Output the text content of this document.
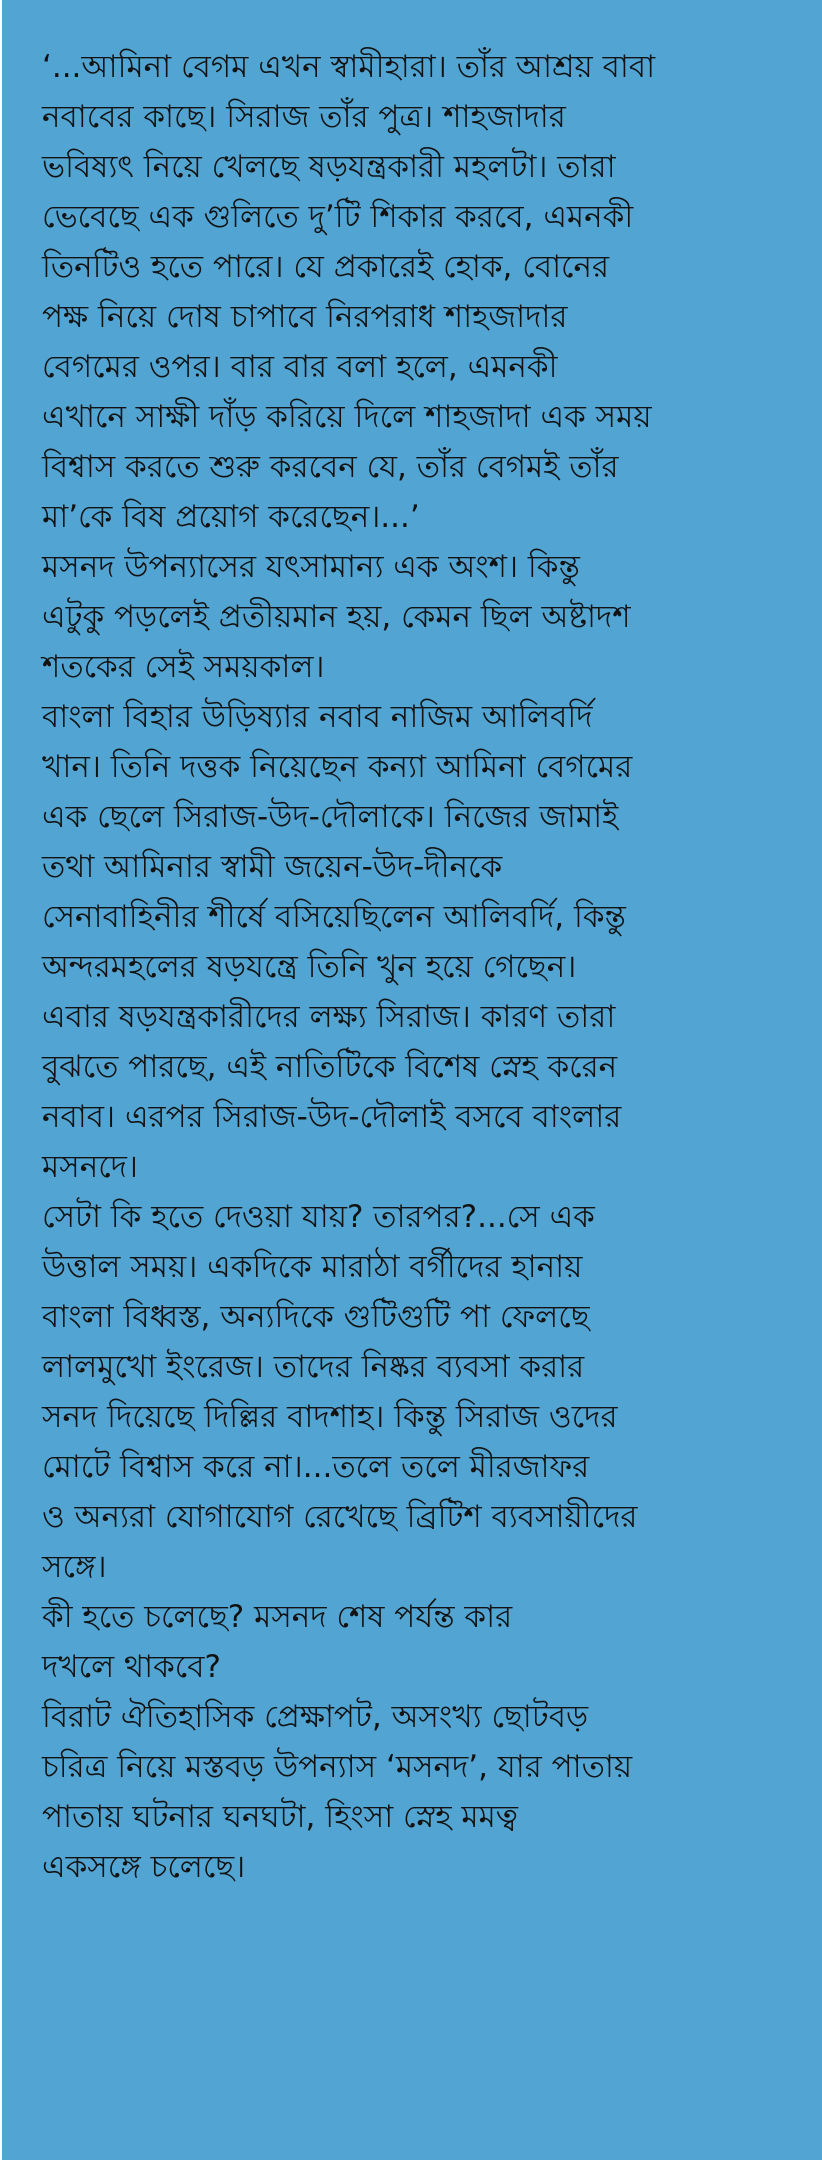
‘...আমিনা বেগম এখন স্বামীহারা। তাঁর আশ্রয় বাবা
নবাবের কাছে। সিরাজ তাঁর পুত্র। শাহজাদার
ভবিষ্যৎ নিয়ে খেলছে ষড়যন্ত্রকারী মহলটা। তারা
ভেবেছে এক গুলিতে দু’টি শিকার করবে, এমনকী
তিনটিও হতে পারে। যে প্রকারেই হোক, বোনের
পক্ষ নিয়ে দোষ চাপাবে নিরপরাধ শাহজাদার
বেগমের ওপর। বার বার বলা হলে, এমনকী
এখানে সাক্ষী দাঁড় করিয়ে দিলে শাহজাদা এক সময়
বিশ্বাস করতে শুরু করবেন যে, তাঁর বেগমই তাঁর
মা’কে বিষ প্রয়োগ করেছেন।...’
মসনদ উপন্যাসের যৎসামান্য এক অংশ। কিন্তু
এটুকু পড়লেই প্রতীয়মান হয়, কেমন ছিল অষ্টাদশ
শতকের সেই সময়কাল।
বাংলা বিহার উড়িষ্যার নবাব নাজিম আলিবর্দি
খান। তিনি দত্তক নিয়েছেন কন্যা আমিনা বেগমের
এক ছেলে সিরাজ-উদ-দৌলাকে। নিজের জামাই
তথা আমিনার স্বামী জয়েন-উদ-দীনকে
সেনাবাহিনীর শীর্ষে বসিয়েছিলেন আলিবর্দি, কিন্তু
অন্দরমহলের ষড়যন্ত্রে তিনি খুন হয়ে গেছেন।
এবার ষড়যন্ত্রকারীদের লক্ষ্য সিরাজ। কারণ তারা
বুঝতে পারছে, এই নাতিটিকে বিশেষ স্নেহ করেন
নবাব। এরপর সিরাজ-উদ-দৌলাই বসবে বাংলার
মসনদে।
সেটা কি হতে দেওয়া যায়? তারপর?...সে এক
উত্তাল সময়। একদিকে মারাঠা বর্গীদের হানায়
বাংলা বিধ্বস্ত, অন্যদিকে গুটিগুটি পা ফেলছে
লালমুখো ইংরেজ। তাদের নিষ্কর ব্যবসা করার
সনদ দিয়েছে দিল্লির বাদশাহ। কিন্তু সিরাজ ওদের
মোটে বিশ্বাস করে না।...তলে তলে মীরজাফর
ও অন্যরা যোগাযোগ রেখেছে ব্রিটিশ ব্যবসায়ীদের
সঙ্গে।
কী হতে চলেছে? মসনদ শেষ পর্যন্ত কার
দখলে থাকবে?
বিরাট ঐতিহাসিক প্রেক্ষাপট, অসংখ্য ছোটবড়
চরিত্র নিয়ে মস্তবড় উপন্যাস ‘মসনদ’, যার পাতায়
পাতায় ঘটনার ঘনঘটা, হিংসা স্নেহ মমত্ব
একসঙ্গে চলেছে।
